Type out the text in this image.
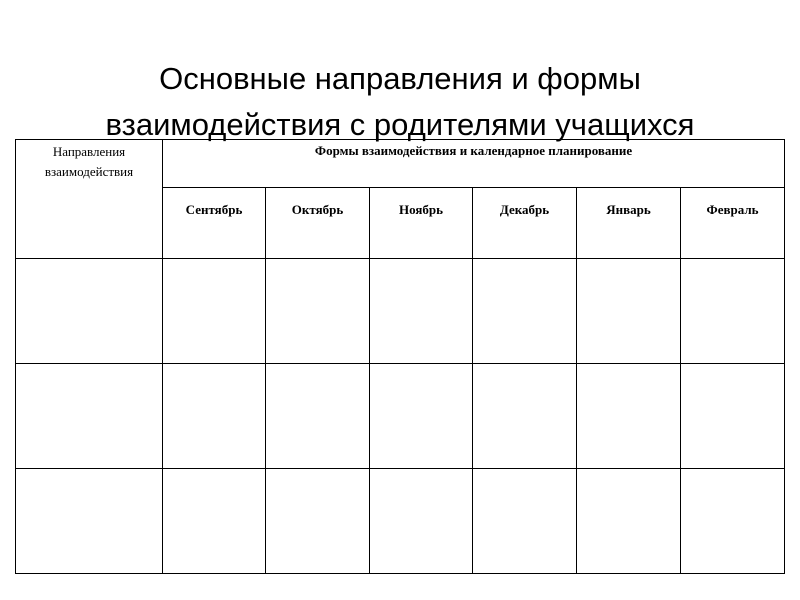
Основные направления и формы
взаимодействия с родителями учащихся
Направления
взаимодействия	Формы взаимодействия и календарное планирование					
	Сентябрь	Октябрь	Ноябрь	Декабрь	Январь	Февраль
